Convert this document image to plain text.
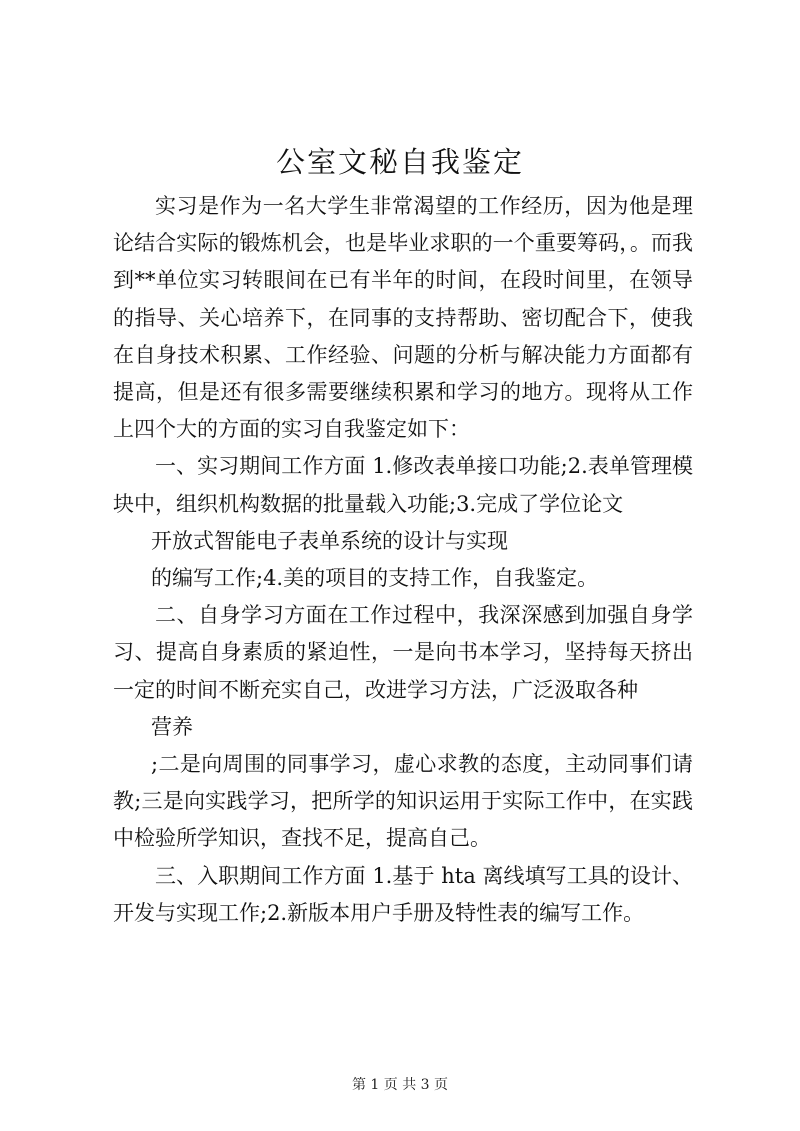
公室文秘自我鉴定

实习是作为一名大学生非常渴望的工作经历，因为他是理论结合实际的锻炼机会，也是毕业求职的一个重要筹码，。而我到**单位实习转眼间在已有半年的时间，在段时间里，在领导的指导、关心培养下，在同事的支持帮助、密切配合下，使我在自身技术积累、工作经验、问题的分析与解决能力方面都有提高，但是还有很多需要继续积累和学习的地方。现将从工作上四个大的方面的实习自我鉴定如下：

一、实习期间工作方面 1.修改表单接口功能;2.表单管理模块中，组织机构数据的批量载入功能;3.完成了学位论文

开放式智能电子表单系统的设计与实现

的编写工作;4.美的项目的支持工作，自我鉴定。

二、自身学习方面在工作过程中，我深深感到加强自身学习、提高自身素质的紧迫性，一是向书本学习，坚持每天挤出一定的时间不断充实自己，改进学习方法，广泛汲取各种

营养

;二是向周围的同事学习，虚心求教的态度，主动同事们请教;三是向实践学习，把所学的知识运用于实际工作中，在实践中检验所学知识，查找不足，提高自己。

三、入职期间工作方面 1.基于 hta 离线填写工具的设计、开发与实现工作;2.新版本用户手册及特性表的编写工作。

第 1 页 共 3 页
